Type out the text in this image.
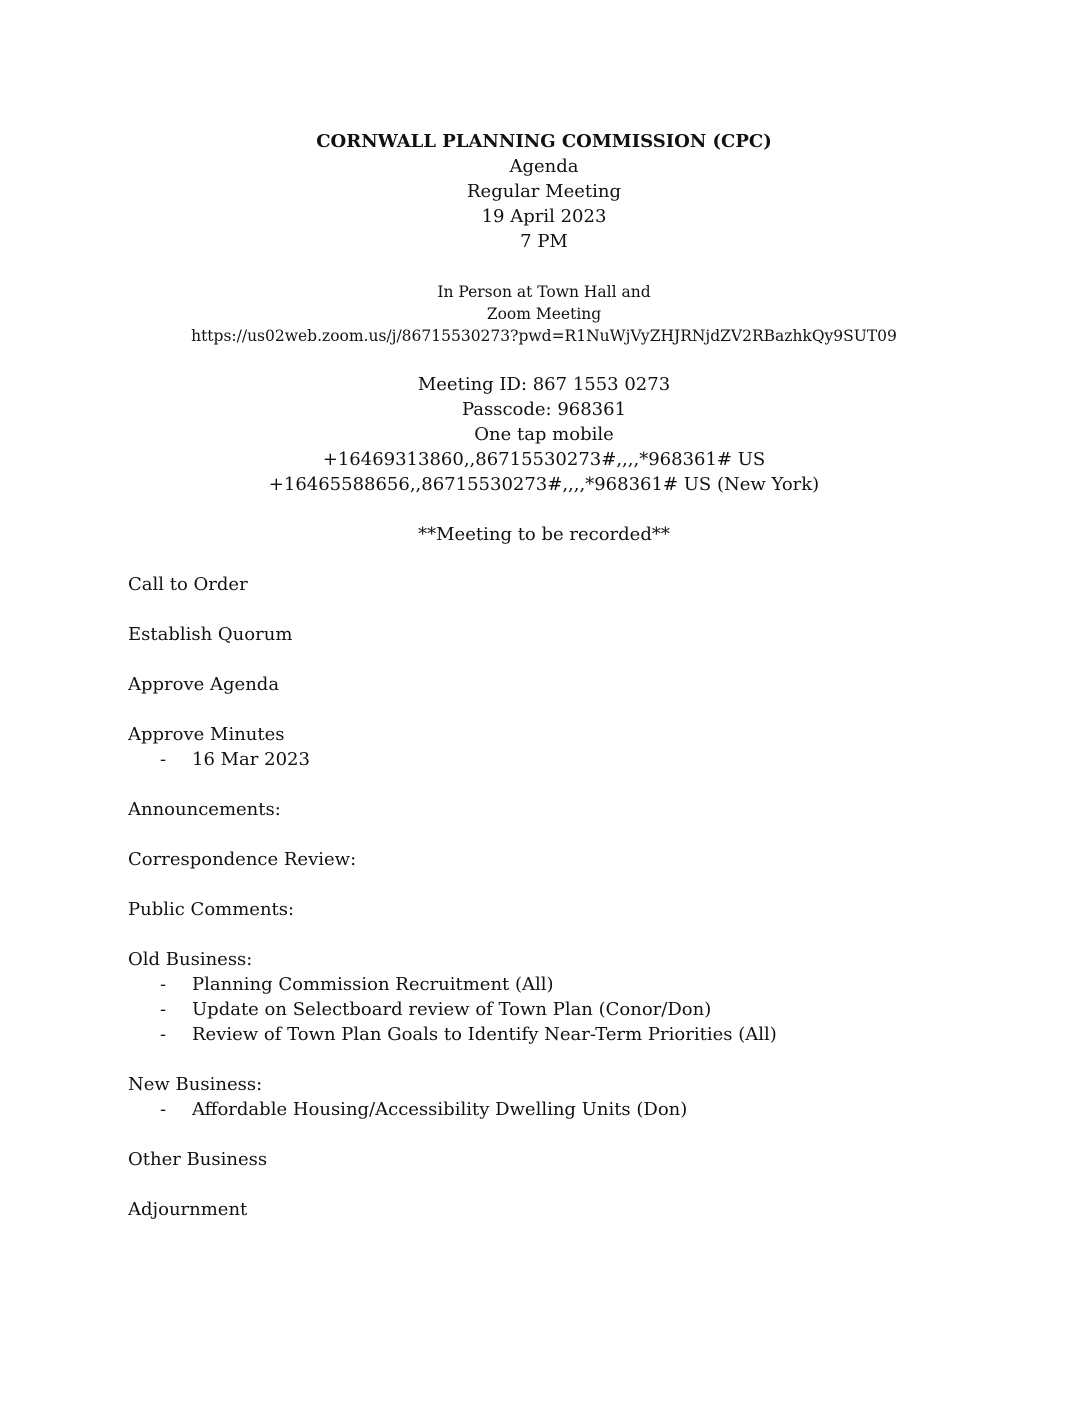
CORNWALL PLANNING COMMISSION (CPC)
Agenda
Regular Meeting
19 April 2023
7 PM
In Person at Town Hall and
Zoom Meeting
https://us02web.zoom.us/j/86715530273?pwd=R1NuWjVyZHJRNjdZV2RBazhkQy9SUT09
Meeting ID: 867 1553 0273
Passcode: 968361
One tap mobile
+16469313860,,86715530273#,,,,*968361# US
+16465588656,,86715530273#,,,,*968361# US (New York)
**Meeting to be recorded**
Call to Order
Establish Quorum
Approve Agenda
Approve Minutes
- 16 Mar 2023
Announcements:
Correspondence Review:
Public Comments:
Old Business:
- Planning Commission Recruitment (All)
- Update on Selectboard review of Town Plan (Conor/Don)
- Review of Town Plan Goals to Identify Near-Term Priorities (All)
New Business:
- Affordable Housing/Accessibility Dwelling Units (Don)
Other Business
Adjournment
